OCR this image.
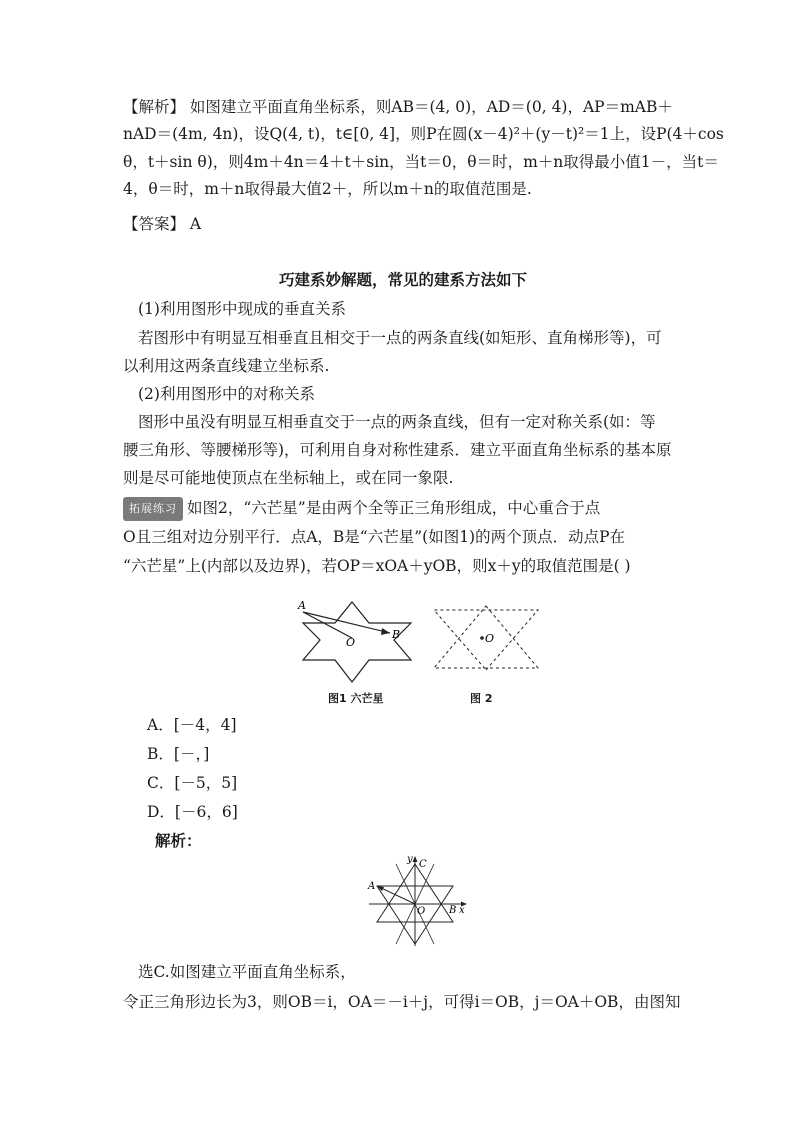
【解析】 如图建立平面直角坐标系，则AB＝(4, 0)，AD＝(0, 4)，AP＝mAB＋
nAD＝(4m, 4n)，设Q(4, t)，t∈[0, 4]，则P在圆(x－4)²＋(y－t)²＝1上，设P(4＋cos
θ，t＋sin θ)，则4m＋4n＝4＋t＋sin，当t＝0，θ＝时，m＋n取得最小值1－，当t＝
4，θ＝时，m＋n取得最大值2＋，所以m＋n的取值范围是.
【答案】 A
巧建系妙解题，常见的建系方法如下
(1)利用图形中现成的垂直关系
若图形中有明显互相垂直且相交于一点的两条直线(如矩形、直角梯形等)，可
以利用这两条直线建立坐标系.
(2)利用图形中的对称关系
图形中虽没有明显互相垂直交于一点的两条直线，但有一定对称关系(如：等
腰三角形、等腰梯形等)，可利用自身对称性建系．建立平面直角坐标系的基本原
则是尽可能地使顶点在坐标轴上，或在同一象限.
拓展练习 如图2，“六芒星”是由两个全等正三角形组成，中心重合于点
O且三组对边分别平行．点A，B是“六芒星”(如图1)的两个顶点．动点P在
“六芒星”上(内部以及边界)，若OP＝xOA＋yOB，则x＋y的取值范围是( )
A
B
O
图1 六芒星
O
图 2
A．[－4，4]
B．[－，]
C．[－5，5]
D．[－6，6]
解析：
A
C
y
O B x
选C.如图建立平面直角坐标系，
令正三角形边长为3，则OB＝i，OA＝－i＋j，可得i＝OB，j＝OA＋OB，由图知
